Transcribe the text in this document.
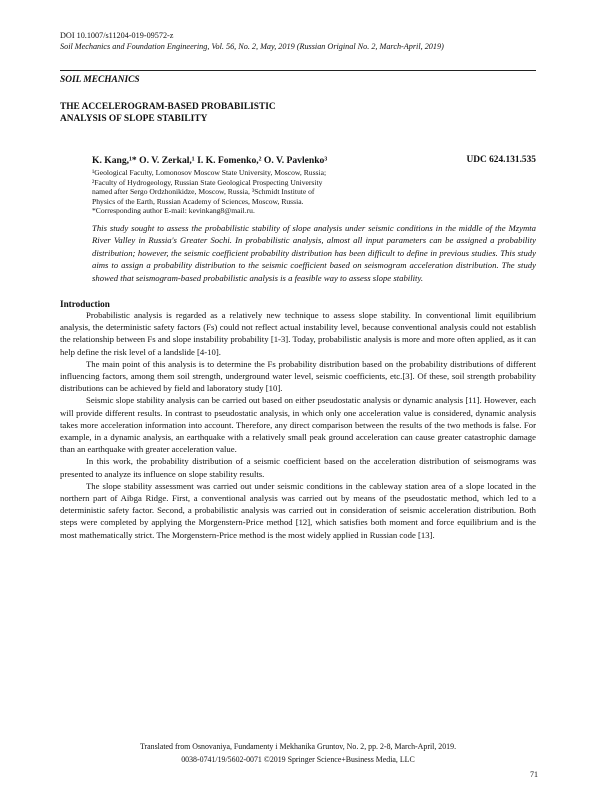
DOI 10.1007/s11204-019-09572-z
Soil Mechanics and Foundation Engineering, Vol. 56, No. 2, May, 2019 (Russian Original No. 2, March-April, 2019)
SOIL MECHANICS
THE ACCELEROGRAM-BASED PROBABILISTIC
ANALYSIS OF SLOPE STABILITY
K. Kang,¹* O. V. Zerkal,¹ I. K. Fomenko,² O. V. Pavlenko³	UDC 624.131.535
¹Geological Faculty, Lomonosov Moscow State University, Moscow, Russia;
²Faculty of Hydrogeology, Russian State Geological Prospecting University
named after Sergo Ordzhonikidze, Moscow, Russia, ³Schmidt Institute of
Physics of the Earth, Russian Academy of Sciences, Moscow, Russia.
*Corresponding author E-mail: kevinkang8@mail.ru.
This study sought to assess the probabilistic stability of slope analysis under seismic conditions in the middle of the Mzymta River Valley in Russia's Greater Sochi. In probabilistic analysis, almost all input parameters can be assigned a probability distribution; however, the seismic coefficient probability distribution has been difficult to define in previous studies. This study aims to assign a probability distribution to the seismic coefficient based on seismogram acceleration distribution. The study showed that seismogram-based probabilistic analysis is a feasible way to assess slope stability.
Introduction

Probabilistic analysis is regarded as a relatively new technique to assess slope stability. In conventional limit equilibrium analysis, the deterministic safety factors (Fs) could not reflect actual instability level, because conventional analysis could not establish the relationship between Fs and slope instability probability [1-3]. Today, probabilistic analysis is more and more often applied, as it can help define the risk level of a landslide [4-10].

The main point of this analysis is to determine the Fs probability distribution based on the probability distributions of different influencing factors, among them soil strength, underground water level, seismic coefficients, etc.[3]. Of these, soil strength probability distributions can be achieved by field and laboratory study [10].

Seismic slope stability analysis can be carried out based on either pseudostatic analysis or dynamic analysis [11]. However, each will provide different results. In contrast to pseudostatic analysis, in which only one acceleration value is considered, dynamic analysis takes more acceleration information into account. Therefore, any direct comparison between the results of the two methods is false. For example, in a dynamic analysis, an earthquake with a relatively small peak ground acceleration can cause greater catastrophic damage than an earthquake with greater acceleration value.

In this work, the probability distribution of a seismic coefficient based on the acceleration distribution of seismograms was presented to analyze its influence on slope stability results.

The slope stability assessment was carried out under seismic conditions in the cableway station area of a slope located in the northern part of Aibga Ridge. First, a conventional analysis was carried out by means of the pseudostatic method, which led to a deterministic safety factor. Second, a probabilistic analysis was carried out in consideration of seismic acceleration distribution. Both steps were completed by applying the Morgenstern-Price method [12], which satisfies both moment and force equilibrium and is the most mathematically strict. The Morgenstern-Price method is the most widely applied in Russian code [13].

Translated from Osnovaniya, Fundamenty i Mekhanika Gruntov, No. 2, pp. 2-8, March-April, 2019.
0038-0741/19/5602-0071 ©2019 Springer Science+Business Media, LLC
71
